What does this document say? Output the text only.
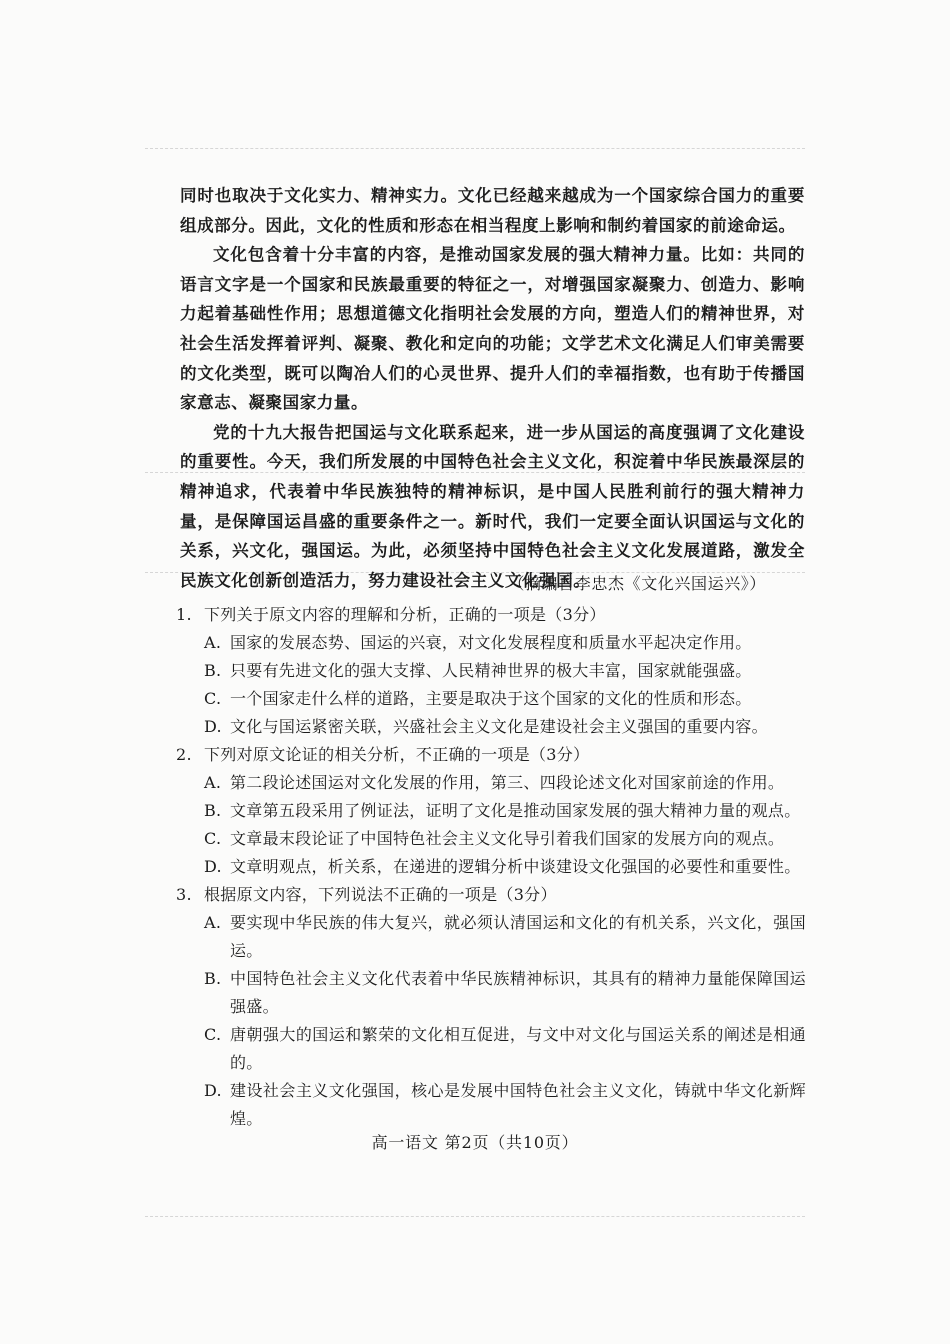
同时也取决于文化实力、精神实力。文化已经越来越成为一个国家综合国力的重要组成部分。因此，文化的性质和形态在相当程度上影响和制约着国家的前途命运。

文化包含着十分丰富的内容，是推动国家发展的强大精神力量。比如：共同的语言文字是一个国家和民族最重要的特征之一，对增强国家凝聚力、创造力、影响力起着基础性作用；思想道德文化指明社会发展的方向，塑造人们的精神世界，对社会生活发挥着评判、凝聚、教化和定向的功能；文学艺术文化满足人们审美需要的文化类型，既可以陶冶人们的心灵世界、提升人们的幸福指数，也有助于传播国家意志、凝聚国家力量。

党的十九大报告把国运与文化联系起来，进一步从国运的高度强调了文化建设的重要性。今天，我们所发展的中国特色社会主义文化，积淀着中华民族最深层的精神追求，代表着中华民族独特的精神标识，是中国人民胜利前行的强大精神力量，是保障国运昌盛的重要条件之一。新时代，我们一定要全面认识国运与文化的关系，兴文化，强国运。为此，必须坚持中国特色社会主义文化发展道路，激发全民族文化创新创造活力，努力建设社会主义文化强国。

（摘编自李忠杰《文化兴国运兴》）

1. 下列关于原文内容的理解和分析，正确的一项是（3分）

A. 国家的发展态势、国运的兴衰，对文化发展程度和质量水平起决定作用。
B. 只要有先进文化的强大支撑、人民精神世界的极大丰富，国家就能强盛。
C. 一个国家走什么样的道路，主要是取决于这个国家的文化的性质和形态。
D. 文化与国运紧密关联，兴盛社会主义文化是建设社会主义强国的重要内容。

2. 下列对原文论证的相关分析，不正确的一项是（3分）

A. 第二段论述国运对文化发展的作用，第三、四段论述文化对国家前途的作用。
B. 文章第五段采用了例证法，证明了文化是推动国家发展的强大精神力量的观点。
C. 文章最末段论证了中国特色社会主义文化导引着我们国家的发展方向的观点。
D. 文章明观点，析关系，在递进的逻辑分析中谈建设文化强国的必要性和重要性。

3. 根据原文内容，下列说法不正确的一项是（3分）

A. 要实现中华民族的伟大复兴，就必须认清国运和文化的有机关系，兴文化，强国运。
B. 中国特色社会主义文化代表着中华民族精神标识，其具有的精神力量能保障国运强盛。
C. 唐朝强大的国运和繁荣的文化相互促进，与文中对文化与国运关系的阐述是相通的。
D. 建设社会主义文化强国，核心是发展中国特色社会主义文化，铸就中华文化新辉煌。
高一语文 第2页（共10页）
